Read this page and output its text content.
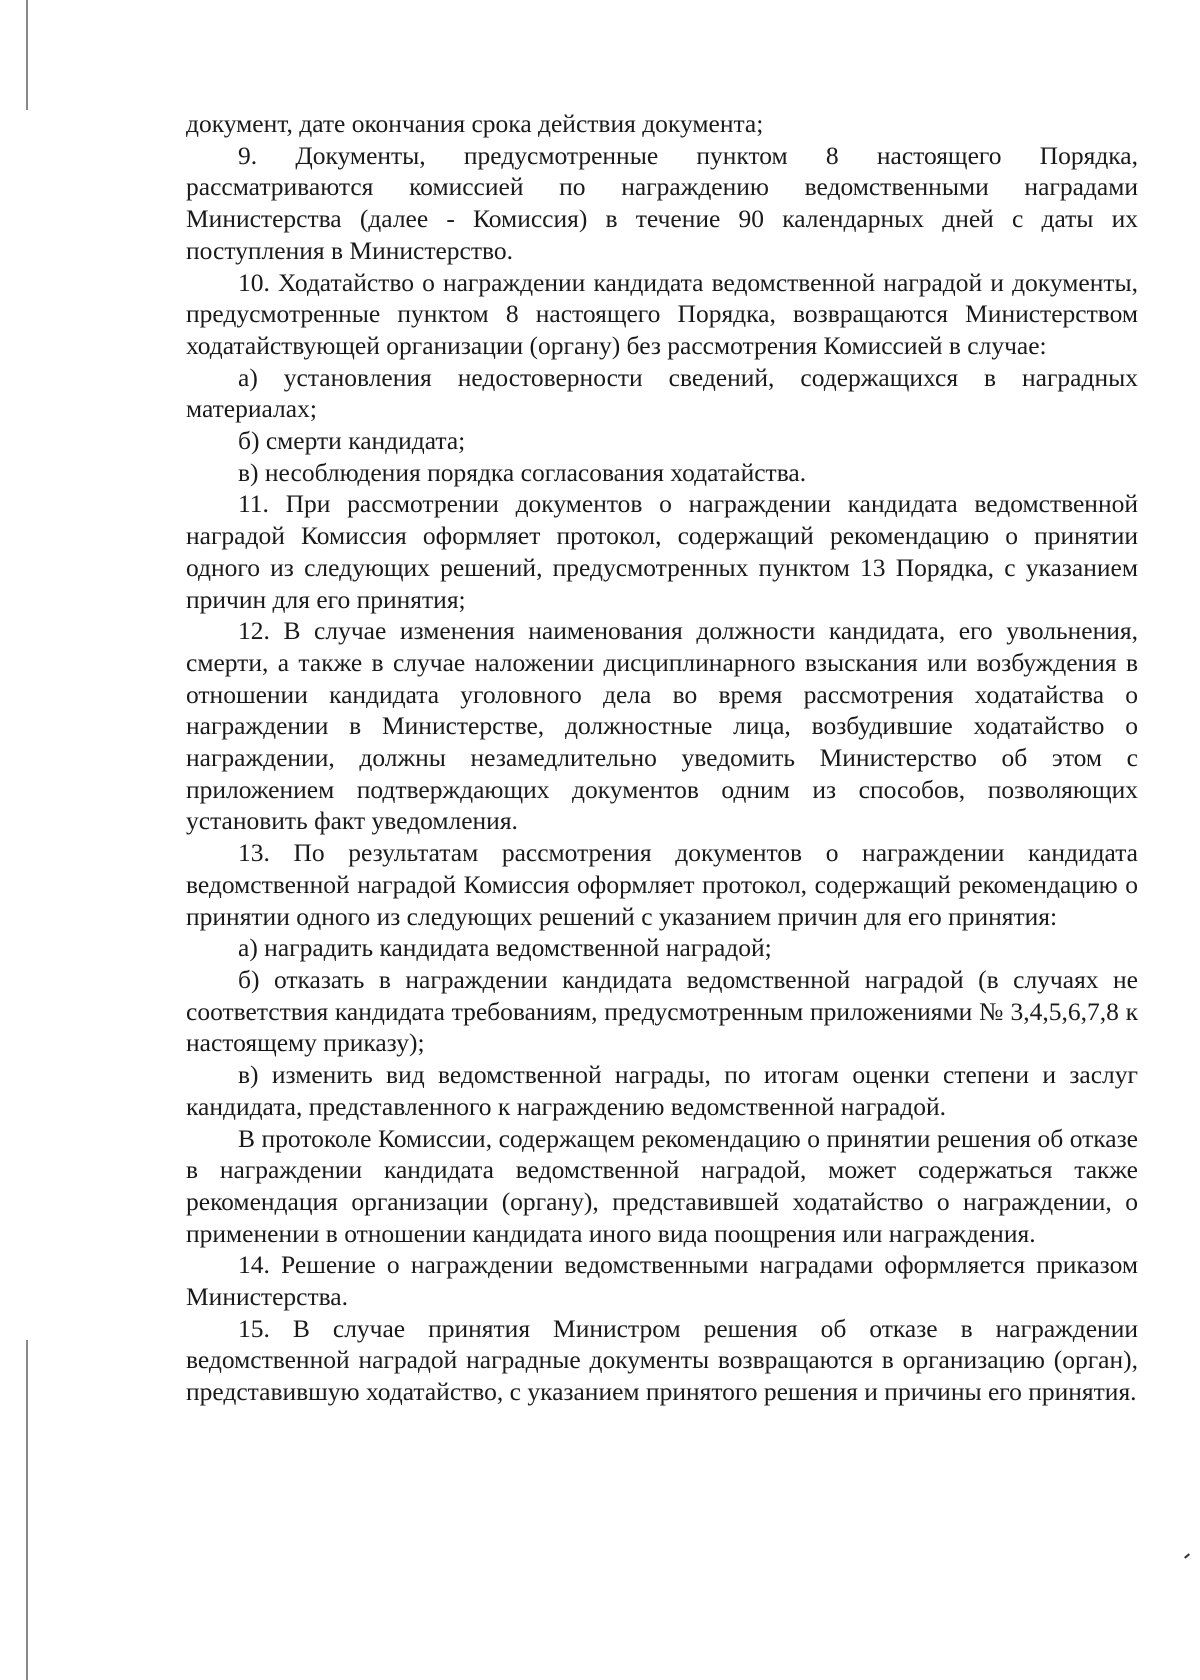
документ, дате окончания срока действия документа;

9. Документы, предусмотренные пунктом 8 настоящего Порядка, рассматриваются комиссией по награждению ведомственными наградами Министерства (далее - Комиссия) в течение 90 календарных дней с даты их поступления в Министерство.

10. Ходатайство о награждении кандидата ведомственной наградой и документы, предусмотренные пунктом 8 настоящего Порядка, возвращаются Министерством ходатайствующей организации (органу) без рассмотрения Комиссией в случае:

а) установления недостоверности сведений, содержащихся в наградных материалах;

б) смерти кандидата;

в) несоблюдения порядка согласования ходатайства.

11. При рассмотрении документов о награждении кандидата ведомственной наградой Комиссия оформляет протокол, содержащий рекомендацию о принятии одного из следующих решений, предусмотренных пунктом 13 Порядка, с указанием причин для его принятия;

12. В случае изменения наименования должности кандидата, его увольнения, смерти, а также в случае наложении дисциплинарного взыскания или возбуждения в отношении кандидата уголовного дела во время рассмотрения ходатайства о награждении в Министерстве, должностные лица, возбудившие ходатайство о награждении, должны незамедлительно уведомить Министерство об этом с приложением подтверждающих документов одним из способов, позволяющих установить факт уведомления.

13. По результатам рассмотрения документов о награждении кандидата ведомственной наградой Комиссия оформляет протокол, содержащий рекомендацию о принятии одного из следующих решений с указанием причин для его принятия:

а) наградить кандидата ведомственной наградой;

б) отказать в награждении кандидата ведомственной наградой (в случаях не соответствия кандидата требованиям, предусмотренным приложениями № 3,4,5,6,7,8 к настоящему приказу);

в) изменить вид ведомственной награды, по итогам оценки степени и заслуг кандидата, представленного к награждению ведомственной наградой.

В протоколе Комиссии, содержащем рекомендацию о принятии решения об отказе в награждении кандидата ведомственной наградой, может содержаться также рекомендация организации (органу), представившей ходатайство о награждении, о применении в отношении кандидата иного вида поощрения или награждения.

14. Решение о награждении ведомственными наградами оформляется приказом Министерства.

15. В случае принятия Министром решения об отказе в награждении ведомственной наградой наградные документы возвращаются в организацию (орган), представившую ходатайство, с указанием принятого решения и причины его принятия.
